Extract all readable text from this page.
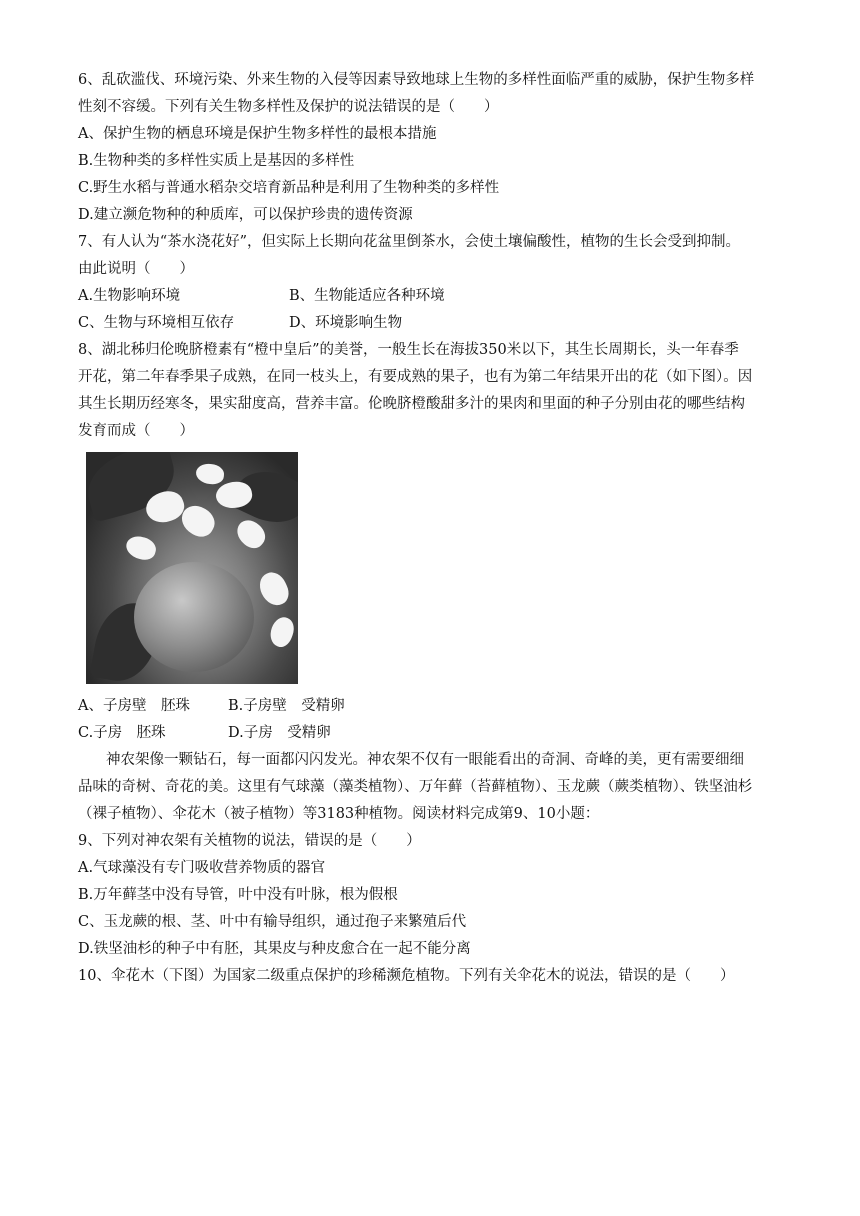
6、乱砍滥伐、环境污染、外来生物的入侵等因素导致地球上生物的多样性面临严重的威胁，保护生物多样
性刻不容缓。下列有关生物多样性及保护的说法错误的是（　　）
A、保护生物的栖息环境是保护生物多样性的最根本措施
B.生物种类的多样性实质上是基因的多样性
C.野生水稻与普通水稻杂交培育新品种是利用了生物种类的多样性
D.建立濒危物种的种质库，可以保护珍贵的遗传资源
7、有人认为“茶水浇花好”，但实际上长期向花盆里倒茶水，会使土壤偏酸性，植物的生长会受到抑制。
由此说明（　　）
A.生物影响环境	B、生物能适应各种环境
C、生物与环境相互依存	D、环境影响生物
8、湖北秭归伦晚脐橙素有“橙中皇后”的美誉，一般生长在海拔350米以下，其生长周期长，头一年春季
开花，第二年春季果子成熟，在同一枝头上，有要成熟的果子，也有为第二年结果开出的花（如下图）。因
其生长期历经寒冬，果实甜度高，营养丰富。伦晚脐橙酸甜多汁的果肉和里面的种子分别由花的哪些结构
发育而成（　　）
A、子房壁　胚珠	B.子房壁　受精卵
C.子房　胚珠	D.子房　受精卵
神农架像一颗钻石，每一面都闪闪发光。神农架不仅有一眼能看出的奇洞、奇峰的美，更有需要细细
品味的奇树、奇花的美。这里有气球藻（藻类植物）、万年藓（苔藓植物）、玉龙蕨（蕨类植物）、铁坚油杉
（裸子植物）、伞花木（被子植物）等3183种植物。阅读材料完成第9、10小题：
9、下列对神农架有关植物的说法，错误的是（　　）
A.气球藻没有专门吸收营养物质的器官
B.万年藓茎中没有导管，叶中没有叶脉，根为假根
C、玉龙蕨的根、茎、叶中有输导组织，通过孢子来繁殖后代
D.铁坚油杉的种子中有胚，其果皮与种皮愈合在一起不能分离
10、伞花木（下图）为国家二级重点保护的珍稀濒危植物。下列有关伞花木的说法，错误的是（　　）
